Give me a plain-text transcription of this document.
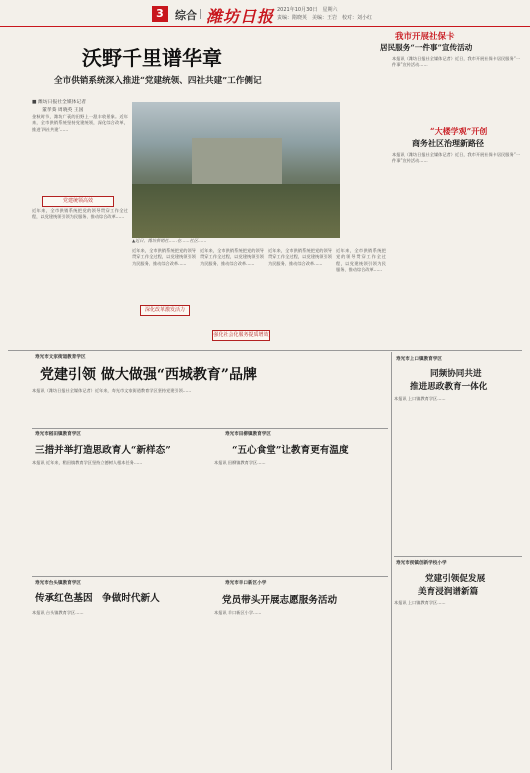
3	综合 潍坊日报 2021年10月30日　星期六
责编：隋晓英　美编：王岩　校对：刘小红
沃野千里谱华章
全市供销系统深入推进“党建统领、四社共建”工作侧记
■ 潍坊日报社全媒体记者
董孝葵 周晓英 王国
金秋时节，潍坊广袤的田野上一派丰收景象。近年来，全市供销系统坚持党建统领，深化综合改革，推进‘四社共建’……
党建统领高效
近年来，全市供销系统把党的领导贯穿工作全过程，以党建统领引领为民服务、推动综合改革……
▲近日，潍坊供销社……在……社区……
近年来，全市供销系统把党的领导贯穿工作全过程，以党建统领引领为民服务、推动综合改革……
深化改革激发活力
近年来，全市供销系统把党的领导贯穿工作全过程，以党建统领引领为民服务、推动综合改革……
近年来，全市供销系统把党的领导贯穿工作全过程，以党建统领引领为民服务、推动综合改革……
强化社会化服务提质增效
近年来，全市供销系统把党的领导贯穿工作全过程，以党建统领引领为民服务、推动综合改革……
我市开展社保卡
居民服务“一件事”宣传活动
本报讯（潍坊日报社全媒体记者）近日，我市开展社保卡居民服务“一件事”宣传活动……
“大楼学观”开创
商务社区治理新路径
本报讯（潍坊日报社全媒体记者）近日，我市开展社保卡居民服务“一件事”宣传活动……
寿光市文家街道教育学区
党建引领 做大做强“西城教育”品牌
本报讯（潍坊日报社全媒体记者）近年来，寿光市文家街道教育学区坚持党建引领……
寿光市稻田镇教育学区
三措并举打造思政育人“新样态”
本报讯 近年来，稻田镇教育学区坚持立德树人根本任务……
寿光市田柳镇教育学区
“五心食堂”让教育更有温度
本报讯 田柳镇教育学区……
寿光市台头镇教育学区
传承红色基因　争做时代新人
本报讯 台头镇教育学区……
寿光市羊口新区小学
党员带头开展志愿服务活动
本报讯 羊口新区小学……
寿光市上口镇教育学区
同频协同共进
推进思政教育一体化
本报讯 上口镇教育学区……
寿光市侯镇创新学校小学
党建引领促发展
美育浸润谱新篇
本报讯 上口镇教育学区……
